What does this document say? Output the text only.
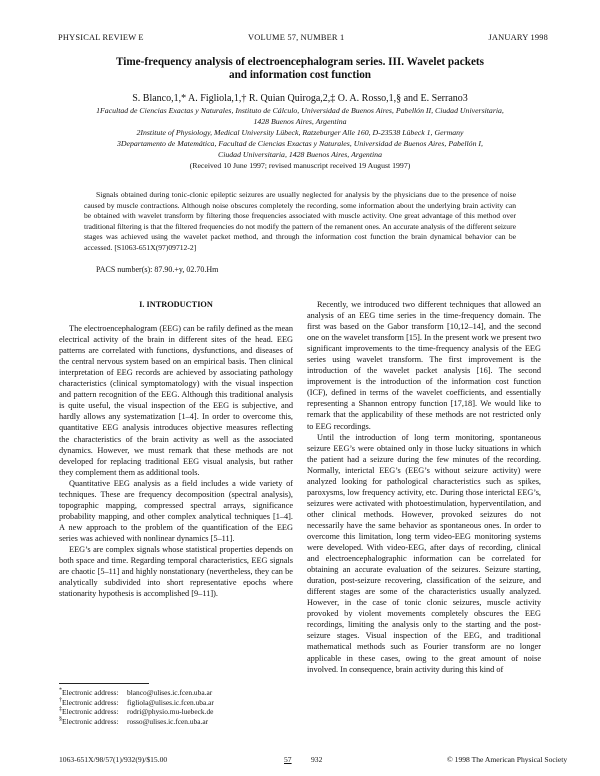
PHYSICAL REVIEW E	VOLUME 57, NUMBER 1	JANUARY 1998
Time-frequency analysis of electroencephalogram series. III. Wavelet packets
and information cost function
S. Blanco,1,* A. Figliola,1,† R. Quian Quiroga,2,‡ O. A. Rosso,1,§ and E. Serrano3
1Facultad de Ciencias Exactas y Naturales, Instituto de Cálculo, Universidad de Buenos Aires, Pabellón II, Ciudad Universitaria,
1428 Buenos Aires, Argentina
2Institute of Physiology, Medical University Lübeck, Ratzeburger Alle 160, D-23538 Lübeck 1, Germany
3Departamento de Matemática, Facultad de Ciencias Exactas y Naturales, Universidad de Buenos Aires, Pabellón I,
Ciudad Universitaria, 1428 Buenos Aires, Argentina
(Received 10 June 1997; revised manuscript received 19 August 1997)
Signals obtained during tonic-clonic epileptic seizures are usually neglected for analysis by the physicians due to the presence of noise caused by muscle contractions. Although noise obscures completely the recording, some information about the underlying brain activity can be obtained with wavelet transform by filtering those frequencies associated with muscle activity. One great advantage of this method over traditional filtering is that the filtered frequencies do not modify the pattern of the remanent ones. An accurate analysis of the different seizure stages was achieved using the wavelet packet method, and through the information cost function the brain dynamical behavior can be accessed. [S1063-651X(97)09712-2]
PACS number(s): 87.90.+y, 02.70.Hm

I. INTRODUCTION

The electroencephalogram (EEG) can be rafily defined as the mean electrical activity of the brain in different sites of the head. EEG patterns are correlated with functions, dysfunctions, and diseases of the central nervous system based on an empirical basis. Then clinical interpretation of EEG records are achieved by associating pathology characteristics (clinical symptomatology) with the visual inspection and pattern recognition of the EEG. Although this traditional analysis is quite useful, the visual inspection of the EEG is subjective, and hardly allows any systematization [1–4]. In order to overcome this, quantitative EEG analysis introduces objective measures reflecting the characteristics of the brain activity as well as the associated dynamics. However, we must remark that these methods are not developed for replacing traditional EEG visual analysis, but rather they complement them as additional tools.

Quantitative EEG analysis as a field includes a wide variety of techniques. These are frequency decomposition (spectral analysis), topographic mapping, compressed spectral arrays, significance probability mapping, and other complex analytical techniques [1–4]. A new approach to the problem of the quantification of the EEG series was achieved with nonlinear dynamics [5–11].

EEG’s are complex signals whose statistical properties depends on both space and time. Regarding temporal characteristics, EEG signals are chaotic [5–11] and highly nonstationary (nevertheless, they can be analytically subdivided into short representative epochs where stationarity hypothesis is accomplished [9–11]).

Recently, we introduced two different techniques that allowed an analysis of an EEG time series in the time-frequency domain. The first was based on the Gabor transform [10,12–14], and the second one on the wavelet transform [15]. In the present work we present two significant improvements to the time-frequency analysis of the EEG series using wavelet transform. The first improvement is the introduction of the wavelet packet analysis [16]. The second improvement is the introduction of the information cost function (ICF), defined in terms of the wavelet coefficients, and essentially representing a Shannon entropy function [17,18]. We would like to remark that the applicability of these methods are not restricted only to EEG recordings.

Until the introduction of long term monitoring, spontaneous seizure EEG’s were obtained only in those lucky situations in which the patient had a seizure during the few minutes of the recording. Normally, interictal EEG’s (EEG’s without seizure activity) were analyzed looking for pathological characteristics such as spikes, paroxysms, low frequency activity, etc. During those interictal EEG’s, seizures were activated with photoestimulation, hyperventilation, and other clinical methods. However, provoked seizures do not necessarily have the same behavior as spontaneous ones. In order to overcome this limitation, long term video-EEG monitoring systems were developed. With video-EEG, after days of recording, clinical and electroencephalographic information can be correlated for obtaining an accurate evaluation of the seizures. Seizure starting, duration, post-seizure recovering, classification of the seizure, and different stages are some of the characteristics usually analyzed. However, in the case of tonic clonic seizures, muscle activity provoked by violent movements completely obscures the EEG recordings, limiting the analysis only to the starting and the post-seizure stages. Visual inspection of the EEG, and traditional mathematical methods such as Fourier transform are no longer applicable in these cases, owing to the great amount of noise involved. In consequence, brain activity during this kind of

*Electronic address:	blanco@ulises.ic.fcen.uba.ar
†Electronic address:	figliola@ulises.ic.fcen.uba.ar
‡Electronic address:	rodri@physio.mu-luebeck.de
§Electronic address:	rosso@ulises.ic.fcen.uba.ar
1063-651X/98/57(1)/932(9)/$15.00	57	932	© 1998 The American Physical Society
